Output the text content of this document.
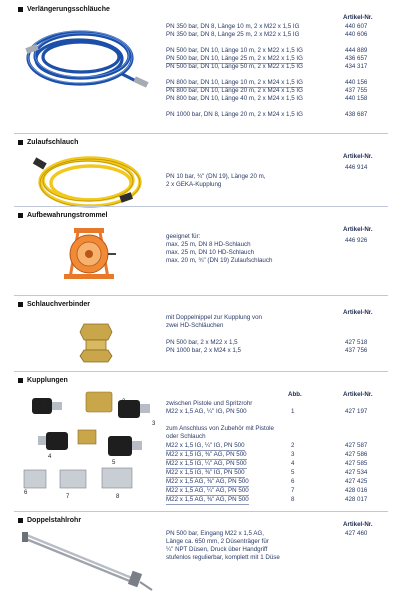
Verlängerungsschläuche
Artikel-Nr.
PN 350 bar, DN 8, Länge 10 m, 2 x M22 x 1,5 IG	440 607
PN 350 bar, DN 8, Länge 25 m, 2 x M22 x 1,5 IG	440 606
PN 500 bar, DN 10, Länge 10 m, 2 x M22 x 1,5 IG	444 889
PN 500 bar, DN 10, Länge 25 m, 2 x M22 x 1,5 IG	436 657
PN 500 bar, DN 10, Länge 50 m, 2 x M22 x 1,5 IG	434 317
PN 800 bar, DN 10, Länge 10 m, 2 x M24 x 1,5 IG	440 156
PN 800 bar, DN 10, Länge 20 m, 2 x M24 x 1,5 IG	437 755
PN 800 bar, DN 10, Länge 40 m, 2 x M24 x 1,5 IG	440 158
PN 1000 bar, DN 8, Länge 20 m, 2 x M24 x 1,5 IG	438 687
Zulaufschlauch
Artikel-Nr.
PN 10 bar, ¾" (DN 19), Länge 20 m,
446 914
2 x GEKA-Kupplung
Aufbewahrungstrommel
Artikel-Nr.
geeignet für:
446 926
max. 25 m, DN 8 HD-Schlauch
max. 25 m, DN 10 HD-Schlauch
max. 20 m, ¾" (DN 19) Zulaufschlauch
Schlauchverbinder
Artikel-Nr.
mit Doppelnippel zur Kupplung von
zwei HD-Schläuchen
PN 500 bar, 2 x M22 x 1,5	427 518
PN 1000 bar, 2 x M24 x 1,5	437 756
Kupplungen
Abb.	Artikel-Nr.
1	2
3
4
5
6
7	8
zwischen Pistole und Spritzrohr
M22 x 1,5 AG, ¼" IG, PN 500	1	427 197
zum Anschluss von Zubehör mit Pistole
oder Schlauch
M22 x 1,5 IG, ¼" IG, PN 500	2	427 587
M22 x 1,5 IG, ⅜" AG, PN 500	3	427 586
M22 x 1,5 IG, ¼" AG, PN 500	4	427 585
M22 x 1,5 IG, ⅜" IG, PN 500	5	427 534
M22 x 1,5 AG, ⅜" AG, PN 500	6	427 425
M22 x 1,5 AG, ¼" AG, PN 500	7	428 016
M22 x 1,5 AG, ⅜" AG, PN 500	8	428 017
Doppelstahlrohr
Artikel-Nr.
PN 500 bar, Eingang M22 x 1,5 AG,	427 460
Länge ca. 650 mm, 2 Düsenträger für
¼" NPT Düsen, Druck über Handgriff
stufenlos regulierbar, komplett mit 1 Düse
